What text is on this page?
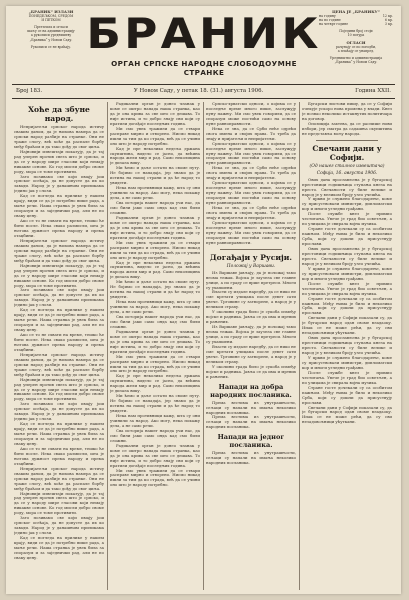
„БРАНИК“ ИЗЛАЗИ
ПОНЕДЕЉКОМ, СРЕДОМ
И ПЕТКОМ
Претплата и огласи
шаљу се на администрацију
а рукописи уредништву
„Браника“ у Новом Саду.
Рукописи се не враћају. БРАНИК
ОРГАН СРПСКЕ НАРОДНЕ СЛОБОДОУМНЕ СТРАНКЕ
ЦЕНА ЈЕ „БРАНИКУ“
на годину	12 кр.
на по године	6 кр.
на четврт године	3 кр.
Поједини број стоји
10 потура
ОГЛАСИ
рачунају се по погодби,
а плаћају се унапред.
Уредништво и администрација
„Браника“ у Новом Саду.
Број 183.	У Новом Саду, у петак 18. (31.) августа 1906.	Година XXII.
Хоће да збуне народ.

Непријатељи српског народа истичу сваким даном, да је њихова намера да се српски народ разбије на странке. Они не траже слогу, већ хоће да распале борбу међу браћом и да тако дођу до свог циља.

Најновији извештаји показују, да је тај рад уперен против свега што је српско, и да се у народу шире гласови који немају никакве основе. Ко год мисли добро своме роду, мора се томе противити.

Зато позивамо све који имају још српског осећаја, да не допусте да их ко завади. Народ је у данашњим приликама једино јак у слози.

Кад се погледа на прилике у нашем крају, види се да је потребно више рада, а мање речи. Наша странка је увек била за споразум и за заједнички рад, али не по сваку цену.

Ако се то не схвати на време, тешко ће бити после. Нека свако размисли, шта је његова дужност према народу и према отаџбини.

Непријатељи српског народа истичу сваким даном, да је њихова намера да се српски народ разбије на странке. Они не траже слогу, већ хоће да распале борбу међу браћом и да тако дођу до свог циља.

Најновији извештаји показују, да је тај рад уперен против свега што је српско, и да се у народу шире гласови који немају никакве основе. Ко год мисли добро своме роду, мора се томе противити.

Зато позивамо све који имају још српског осећаја, да не допусте да их ко завади. Народ је у данашњим приликама једино јак у слози.

Кад се погледа на прилике у нашем крају, види се да је потребно више рада, а мање речи. Наша странка је увек била за споразум и за заједнички рад, али не по сваку цену.

Ако се то не схвати на време, тешко ће бити после. Нека свако размисли, шта је његова дужност према народу и према отаџбини.

Непријатељи српског народа истичу сваким даном, да је њихова намера да се српски народ разбије на странке. Они не траже слогу, већ хоће да распале борбу међу браћом и да тако дођу до свог циља.

Најновији извештаји показују, да је тај рад уперен против свега што је српско, и да се у народу шире гласови који немају никакве основе. Ко год мисли добро своме роду, мора се томе противити.

Зато позивамо све који имају још српског осећаја, да не допусте да их ко завади. Народ је у данашњим приликама једино јак у слози.

Кад се погледа на прилике у нашем крају, види се да је потребно више рада, а мање речи. Наша странка је увек била за споразум и за заједнички рад, али не по сваку цену.

Ако се то не схвати на време, тешко ће бити после. Нека свако размисли, шта је његова дужност према народу и према отаџбини.

Непријатељи српског народа истичу сваким даном, да је њихова намера да се српски народ разбије на странке. Они не траже слогу, већ хоће да распале борбу међу браћом и да тако дођу до свог циља.

Најновији извештаји показују, да је тај рад уперен против свега што је српско, и да се у народу шире гласови који немају никакве основе. Ко год мисли добро своме роду, мора се томе противити.

Зато позивамо све који имају још српског осећаја, да не допусте да их ко завади. Народ је у данашњим приликама једино јак у слози.

Кад се погледа на прилике у нашем крају, види се да је потребно више рада, а мање речи. Наша странка је увек била за споразум и за заједнички рад, али не по сваку цену.

Радикални орган је донео чланак у коме се оштро напада наша странка, као да је она крива за све што се дешава. То није истина, и то добро знају сви који су пратили догађаје последњих година.

Ми смо увек тражили да се ствари расправе мирно и отворено. Нисмо никад ишли за тим да ко страда, већ да се учини оно што је народу потребно.

Кад је пре неколико недеља држана скупштина, видело се јасно, да већина народа жели мир и рад. Само неколицина је дизала вику.

Ми ћемо и даље остати на своме путу. Не бојимо се нападаја, јер знамо да је истина на нашој страни и да ће народ то увидети.

Нека нам противници кажу, шта су они учинили за народ. Ако могу, нека покажу дела, а не само речи.

Сва историја нашег народа учи нас, да смо били јаки само онда кад смо били сложни.

Радикални орган је донео чланак у коме се оштро напада наша странка, као да је она крива за све што се дешава. То није истина, и то добро знају сви који су пратили догађаје последњих година.

Ми смо увек тражили да се ствари расправе мирно и отворено. Нисмо никад ишли за тим да ко страда, већ да се учини оно што је народу потребно.

Кад је пре неколико недеља држана скупштина, видело се јасно, да већина народа жели мир и рад. Само неколицина је дизала вику.

Ми ћемо и даље остати на своме путу. Не бојимо се нападаја, јер знамо да је истина на нашој страни и да ће народ то увидети.

Нека нам противници кажу, шта су они учинили за народ. Ако могу, нека покажу дела, а не само речи.

Сва историја нашег народа учи нас, да смо били јаки само онда кад смо били сложни.

Радикални орган је донео чланак у коме се оштро напада наша странка, као да је она крива за све што се дешава. То није истина, и то добро знају сви који су пратили догађаје последњих година.

Ми смо увек тражили да се ствари расправе мирно и отворено. Нисмо никад ишли за тим да ко страда, већ да се учини оно што је народу потребно.

Кад је пре неколико недеља држана скупштина, видело се јасно, да већина народа жели мир и рад. Само неколицина је дизала вику.

Ми ћемо и даље остати на своме путу. Не бојимо се нападаја, јер знамо да је истина на нашој страни и да ће народ то увидети.

Нека нам противници кажу, шта су они учинили за народ. Ако могу, нека покажу дела, а не само речи.

Сва историја нашег народа учи нас, да смо били јаки само онда кад смо били сложни.

Радикални орган је донео чланак у коме се оштро напада наша странка, као да је она крива за све што се дешава. То није истина, и то добро знају сви који су пратили догађаје последњих година.

Ми смо увек тражили да се ствари расправе мирно и отворено. Нисмо никад ишли за тим да ко страда, већ да се учини оно што је народу потребно.

Српско-хрватски односи, о којима се у последње време много пише, заслужују пуну пажњу. Ми смо увек говорили, да се споразум може постићи само на основу пуне равноправности.

Нека се зна, да се Срби неће одрећи свога имена и својих права. То треба да знају и пријатељи и непријатељи.

Српско-хрватски односи, о којима се у последње време много пише, заслужују пуну пажњу. Ми смо увек говорили, да се споразум може постићи само на основу пуне равноправности.

Нека се зна, да се Срби неће одрећи свога имена и својих права. То треба да знају и пријатељи и непријатељи.

Српско-хрватски односи, о којима се у последње време много пише, заслужују пуну пажњу. Ми смо увек говорили, да се споразум може постићи само на основу пуне равноправности.

Нека се зна, да се Срби неће одрећи свога имена и својих права. То треба да знају и пријатељи и непријатељи.

Српско-хрватски односи, о којима се у последње време много пише, заслужују пуну пажњу. Ми смо увек говорили, да се споразум може постићи само на основу пуне равноправности.

Догађаји у Русији.
Положај у Варшави.

Из Варшаве јављају, да је положај тамо веома тежак. Војска је заузела све главне улице, а по граду се врше претреси. Многи су ухапшени.

Власти су издале наредбу, да се нико не сме кретати улицама после девет сати увече. Трговине су затворене, а народ је у великом страху.

У околини града било је сукоба између војске и радника. Јавља се да има и мртвих и рањених.

Из Варшаве јављају, да је положај тамо веома тежак. Војска је заузела све главне улице, а по граду се врше претреси. Многи су ухапшени.

Власти су издале наредбу, да се нико не сме кретати улицама после девет сати увече. Трговине су затворене, а народ је у великом страху.

У околини града било је сукоба између војске и радника. Јавља се да има и мртвих и рањених.

Напади на добра народних посланика.

Према вестима из унутрашњости, сељаци су напали на имања неколико народних посланика.

Према вестима из унутрашњости, сељаци су напали на имања неколико народних посланика.

Напади на једног посланика.

Према вестима из унутрашњости, сељаци су напали на имања неколико народних посланика.

Бугарски листови пишу, да се у Софији очекује ускоро нова промена у влади. Кнез је позвао неколико истакнутих политичара на договор.

Опозиција захтева, да се распише нови избори, јер сматра да садашња скупштина не представља вољу народа.

Свечани дани у Софији.
(Од нашег сталног извештача)
Софија, 16. августа 1906.

Ових дана прослављена је у бугарској престоници годишњица ступања кнеза на престо. Свечаности су биле велике и народ је у великом броју узео учешћа.

У цркви је служено благодарење, коме су присуствовали министри, дипломатски кор и многи угледни грађани.

После службе кнез је примио честитања. Увече је град био осветљен, а по улицама је свирала војна музика.

Стране госте дочекали су са особитом пажњом. Међу њима је било и неколико Срба, који су дошли да присуствују прослави.

Ових дана прослављена је у бугарској престоници годишњица ступања кнеза на престо. Свечаности су биле велике и народ је у великом броју узео учешћа.

У цркви је служено благодарење, коме су присуствовали министри, дипломатски кор и многи угледни грађани.

После службе кнез је примио честитања. Увече је град био осветљен, а по улицама је свирала војна музика.

Стране госте дочекали су са особитом пажњом. Међу њима је било и неколико Срба, који су дошли да присуствују прослави.

Свечани дани у Софији показали су, да је бугарски народ одан своме владаоцу. Ипак се не може рећи, да су сви незадовољници ућуткани.

Ових дана прослављена је у бугарској престоници годишњица ступања кнеза на престо. Свечаности су биле велике и народ је у великом броју узео учешћа.

У цркви је служено благодарење, коме су присуствовали министри, дипломатски кор и многи угледни грађани.

После службе кнез је примио честитања. Увече је град био осветљен, а по улицама је свирала војна музика.

Стране госте дочекали су са особитом пажњом. Међу њима је било и неколико Срба, који су дошли да присуствују прослави.

Свечани дани у Софији показали су, да је бугарски народ одан своме владаоцу. Ипак се не може рећи, да су сви незадовољници ућуткани.
